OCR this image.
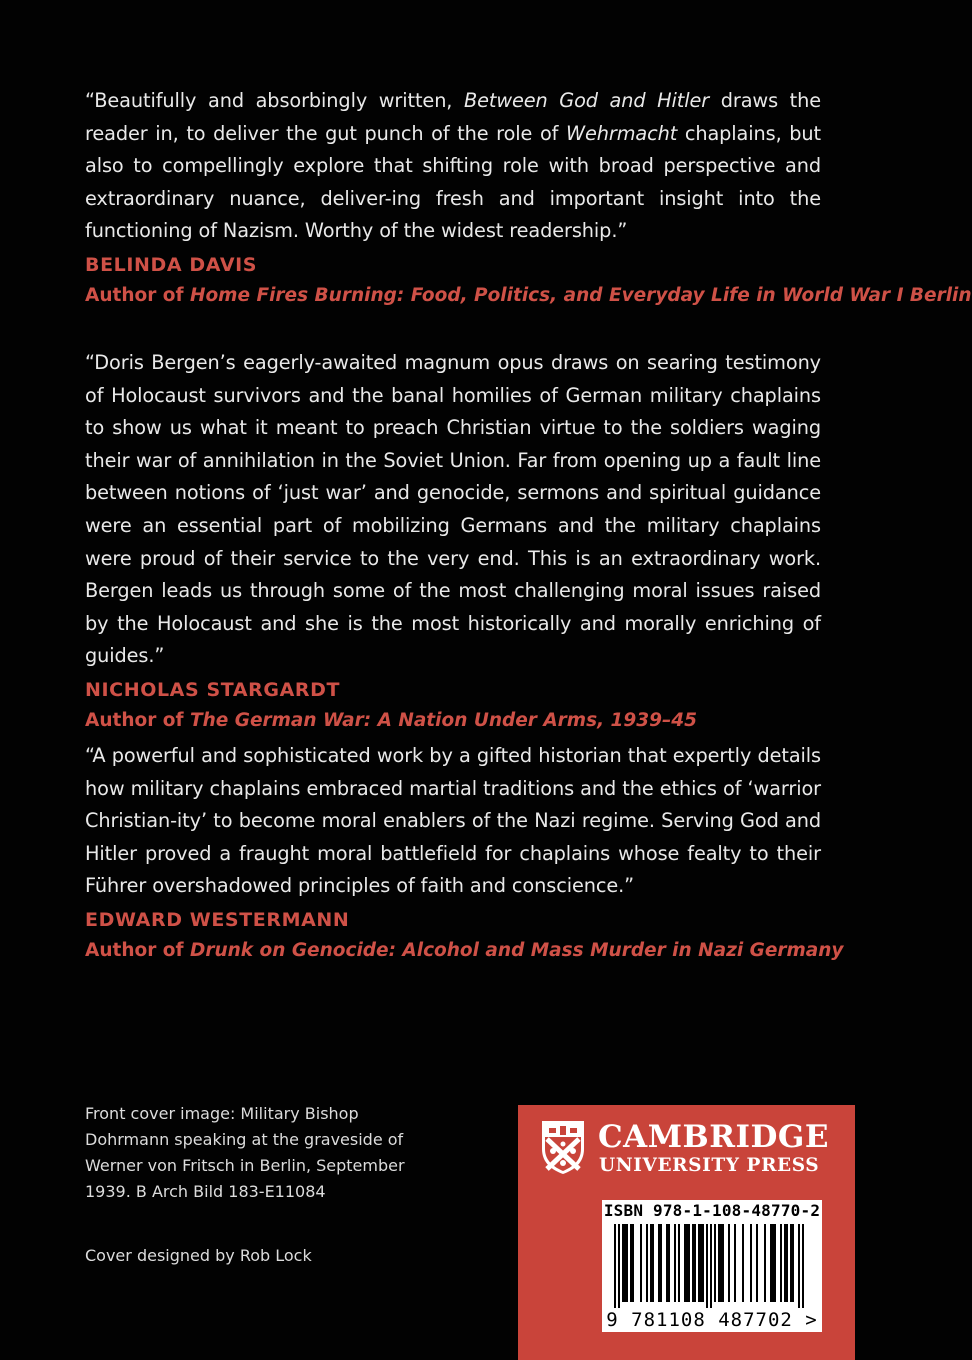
“Beautifully and absorbingly written, Between God and Hitler draws the reader in, to deliver the gut punch of the role of Wehrmacht chaplains, but also to compellingly explore that shifting role with broad perspective and extraordinary nuance, deliver-ing fresh and important insight into the functioning of Nazism. Worthy of the widest readership.”

BELINDA DAVIS

Author of Home Fires Burning: Food, Politics, and Everyday Life in World War I Berlin

“Doris Bergen’s eagerly-awaited magnum opus draws on searing testimony of Holocaust survivors and the banal homilies of German military chaplains to show us what it meant to preach Christian virtue to the soldiers waging their war of annihilation in the Soviet Union. Far from opening up a fault line between notions of ‘just war’ and genocide, sermons and spiritual guidance were an essential part of mobilizing Germans and the military chaplains were proud of their service to the very end. This is an extraordinary work. Bergen leads us through some of the most challenging moral issues raised by the Holocaust and she is the most historically and morally enriching of guides.”

NICHOLAS STARGARDT

Author of The German War: A Nation Under Arms, 1939–45

“A powerful and sophisticated work by a gifted historian that expertly details how military chaplains embraced martial traditions and the ethics of ‘warrior Christian-ity’ to become moral enablers of the Nazi regime. Serving God and Hitler proved a fraught moral battlefield for chaplains whose fealty to their Führer overshadowed principles of faith and conscience.”

EDWARD WESTERMANN

Author of Drunk on Genocide: Alcohol and Mass Murder in Nazi Germany

Front cover image: Military Bishop Dohrmann speaking at the graveside of Werner von Fritsch in Berlin, September 1939. B Arch Bild 183-E11084
Cover designed by Rob Lock
CAMBRIDGE
UNIVERSITY PRESS
ISBN 978-1-108-48770-2
9 781108 487702 >
